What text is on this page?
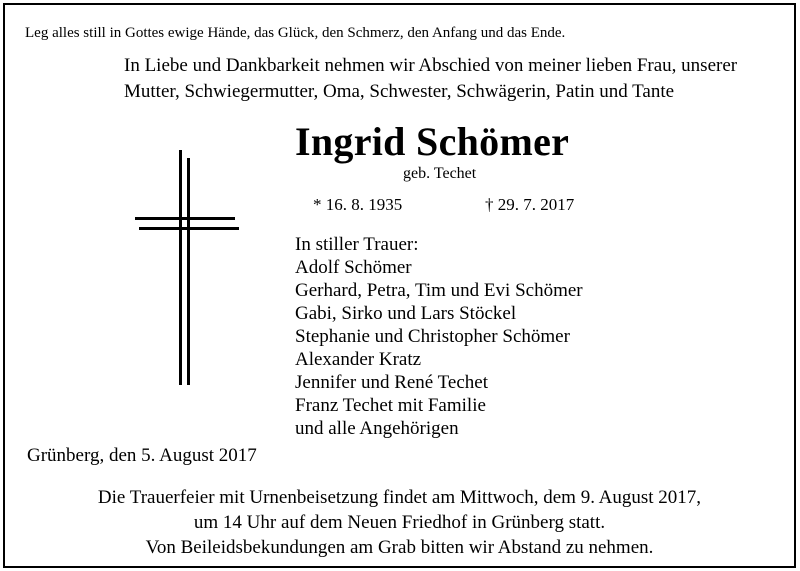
Leg alles still in Gottes ewige Hände, das Glück, den Schmerz, den Anfang und das Ende.
In Liebe und Dankbarkeit nehmen wir Abschied von meiner lieben Frau, unserer
Mutter, Schwiegermutter, Oma, Schwester, Schwägerin, Patin und Tante
Ingrid Schömer
geb. Techet
* 16. 8. 1935	† 29. 7. 2017
In stiller Trauer:
Adolf Schömer
Gerhard, Petra, Tim und Evi Schömer
Gabi, Sirko und Lars Stöckel
Stephanie und Christopher Schömer
Alexander Kratz
Jennifer und René Techet
Franz Techet mit Familie
und alle Angehörigen
Grünberg, den 5. August 2017
Die Trauerfeier mit Urnenbeisetzung findet am Mittwoch, dem 9. August 2017,
um 14 Uhr auf dem Neuen Friedhof in Grünberg statt.
Von Beileidsbekundungen am Grab bitten wir Abstand zu nehmen.
